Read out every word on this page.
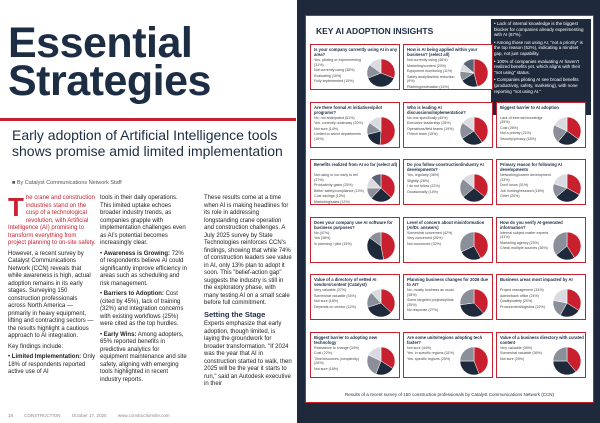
Essential
Strategies
Early adoption of Artificial Intelligence tools shows promise amid limited implementation
■ By Catalyst Communications Network Staff

The crane and construction industries stand on the cusp of a technological revolution, with Artificial Intelligence (AI) promising to transform everything from project planning to on-site safety.

However, a recent survey by Catalyst Communications Network (CCN) reveals that while awareness is high, actual adoption remains in its early stages. Surveying 150 construction professionals across North America — primarily in heavy equipment, lifting and contracting sectors — the results highlight a cautious approach to AI integration.

Key findings include:

• Limited Implementation: Only 18% of respondents reported active use of AI

tools in their daily operations. This limited uptake echoes broader industry trends, as companies grapple with implementation challenges even as AI's potential becomes increasingly clear.

• Awareness is Growing: 72% of respondents believe AI could significantly improve efficiency in areas such as scheduling and risk management.

• Barriers to Adoption: Cost (cited by 45%), lack of training (32%) and integration concerns with existing workflows (25%) were cited as the top hurdles.

• Early Wins: Among adopters, 65% reported benefits in predictive analytics for equipment maintenance and site safety, aligning with emerging tools highlighted in recent industry reports.

These results come at a time when AI is making headlines for its role in addressing longstanding crane operation and construction challenges. A July 2025 survey by State Technologies reinforces CCN's findings, showing that while 74% of construction leaders see value in AI, only 13% plan to adopt it soon. This "belief-action gap" suggests the industry is still in the exploratory phase, with many testing AI on a small scale before full commitment.

Setting the Stage

Experts emphasize that early adoption, though limited, is laying the groundwork for broader transformation. "If 2024 was the year that AI in construction started to walk, then 2025 will be the year it starts to run," said an Autodesk executive in their

18	CONSTRUCTION	October 17, 2025	www.constructionsite.com
KEY AI ADOPTION INSIGHTS
• Lack of internal knowledge is the biggest blocker for companies already experimenting with AI (67%).
• Among those not using AI, "not a priority" is the top reason (52%), indicating a mindset gap, not just capability.
• 100% of companies evaluating AI haven't realized benefits yet, which aligns with their "not using" status.
• Companies piloting AI see broad benefits (productivity, safety, marketing), with none reporting "not using AI."
Is your company currently using AI in any area?
Yes, piloting or experimenting (31%)
Not currently using (38%)
Evaluating (16%)
Fully implemented (15%)
How is AI being applied within your business? (select all)
Not currently using (46%)
Marketing/content (20%)
Equipment monitoring (11%)
Safety analytics/risk reduction (9%)
Planning/estimation (14%)
Are there formal AI initiatives/pilot programs?
No, not anticipated (51%)
Yes, currently underway (20%)
Not sure (14%)
Limited to select departments (15%)
Who is leading AI discussions/implementation?
No one specifically (40%)
Executive leadership (26%)
Operations/field teams (19%)
IT/tech team (15%)
Biggest barrier to AI adoption
Lack of internal knowledge (35%)
Cost (26%)
Not a priority (21%)
Security/privacy (18%)
Benefits realized from AI so far (select all)
Not using or too early to tell (37%)
Productivity gains (25%)
Better safety/compliance (13%)
Cost savings (13%)
Marketing/sales (12%)
Do you follow construction/industry AI developments?
Yes, regularly (36%)
Slightly (28%)
I do not follow (22%)
Occasionally (14%)
Primary reason for following AI developments
Networking/career development (33%)
Don't know (31%)
Job hunting/research (16%)
Other (20%)
Does your company use AI software for business purposes?
No (47%)
Yes (38%)
In planning / pilot (15%)
Level of concern about misinformation (AI/Dr. answers)
Somewhat concerned (42%)
Very concerned (26%)
Not concerned (32%)
How do you verify AI-generated information?
Internal subject matter experts (41%)
Marketing agency (23%)
Check multiple sources (36%)
Value of a directory of vetted AI vendors/content (Catalyst)
Very valuable (37%)
Somewhat valuable (33%)
Not sure (18%)
Depends on vendor (12%)
Planning business changes for 2026 due to AI?
No, mostly business as usual (38%)
Some targeted projects/pilots (35%)
No response (27%)
Business areas most impacted by AI
Project management (34%)
Admin/back office (24%)
Quality/safety (20%)
Procurement/logistics (22%)
Biggest barrier to adopting new technology
Resistance to change (34%)
Cost (22%)
Time/resources (complexity) (26%)
Not sure (18%)
Are some units/regions adopting tech faster?
Not sure (44%)
Yes, in specific regions (31%)
Yes, specific regions (25%)
Value of a business directory with curated content
Very valuable (39%)
Somewhat valuable (36%)
Not sure (25%)
Results of a recent survey of 150 construction professionals by Catalyst Communications Network (CCN)
